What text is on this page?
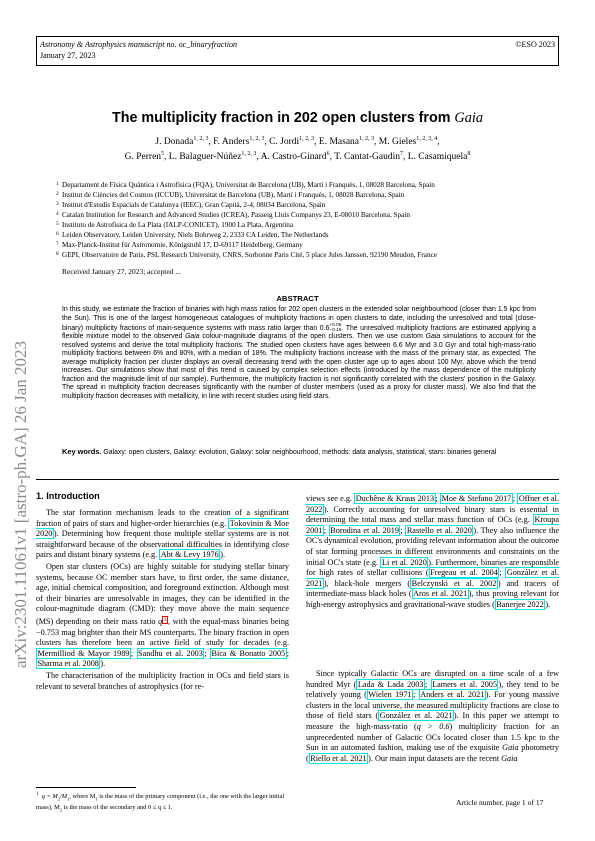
Astronomy & Astrophysics manuscript no. oc_binaryfraction
January 27, 2023
©ESO 2023
arXiv:2301.11061v1 [astro-ph.GA] 26 Jan 2023
The multiplicity fraction in 202 open clusters from Gaia
J. Donada$^{1, 2, 3}$, F. Anders$^{1, 2, 3}$, C. Jordi$^{1, 2, 3}$, E. Masana$^{1, 2, 3}$, M. Gieles$^{1, 2, 3, 4}$,
G. Perren$^5$, L. Balaguer-Núñez$^{1, 2, 3}$, A. Castro-Ginard$^6$, T. Cantat-Gaudin$^7$, L. Casamiquela$^8$
1 Departament de Física Quàntica i Astrofísica (FQA), Universitat de Barcelona (UB), Martí i Franquès, 1, 08028 Barcelona, Spain
2 Institut de Ciències del Cosmos (ICCUB), Universitat de Barcelona (UB), Martí i Franquès, 1, 08028 Barcelona, Spain
3 Institut d'Estudis Espacials de Catalunya (IEEC), Gran Capità, 2-4, 08034 Barcelona, Spain
4 Catalan Institution for Research and Advanced Studies (ICREA), Passeig Lluís Companys 23, E-08010 Barcelona, Spain
5 Instituto de Astrofísica de La Plata (IALP-CONICET), 1900 La Plata, Argentina
6 Leiden Observatory, Leiden University, Niels Bohrweg 2, 2333 CA Leiden, The Netherlands
7 Max-Planck-Institut für Astronomie, Königstuhl 17, D-69117 Heidelberg, Germany
8 GEPI, Observatoire de Paris, PSL Research University, CNRS, Sorbonne Paris Cité, 5 place Jules Janssen, 92190 Meudon, France
Received January 27, 2023; accepted ...
ABSTRACT
In this study, we estimate the fraction of binaries with high mass ratios for 202 open clusters in the extended solar neighbourhood (closer than 1.5 kpc from the Sun). This is one of the largest homogeneous catalogues of multiplicity fractions in open clusters to date, including the unresolved and total (close-binary) multiplicity fractions of main-sequence systems with mass ratio larger than 0.6 +0.05
−0.15 . The unresolved multiplicity fractions are estimated applying a flexible mixture model to the observed Gaia colour-magnitude diagrams of the open clusters. Then we use custom Gaia simulations to account for the resolved systems and derive the total multiplicity fractions. The studied open clusters have ages between 6.6 Myr and 3.0 Gyr and total high-mass-ratio multiplicity fractions between 6% and 80%, with a median of 18%. The multiplicity fractions increase with the mass of the primary star, as expected. The average multiplicity fraction per cluster displays an overall decreasing trend with the open cluster age up to ages about 100 Myr, above which the trend increases. Our simulations show that most of this trend is caused by complex selection effects (introduced by the mass dependence of the multiplicity fraction and the magnitude limit of our sample). Furthermore, the multiplicity fraction is not significantly correlated with the clusters' position in the Galaxy. The spread in multiplicity fraction decreases significantly with the number of cluster members (used as a proxy for cluster mass). We also find that the multiplicity fraction decreases with metallicity, in line with recent studies using field stars.
Key words. Galaxy: open clusters, Galaxy: evolution, Galaxy: solar neighbourhood, methods: data analysis, statistical, stars: binaries general
1. Introduction

The star formation mechanism leads to the creation of a significant fraction of pairs of stars and higher-order hierarchies (e.g. Tokovinin & Moe 2020 ). Determining how frequent those multiple stellar systems are is not straightforward because of the observational difficulties in identifying close pairs and distant binary systems (e.g. Abt & Levy 1976 ).

Open star clusters (OCs) are highly suitable for studying stellar binary systems, because OC member stars have, to first order, the same distance, age, initial chemical composition, and foreground extinction. Although most of their binaries are unresolvable in images, they can be identified in the colour-magnitude diagram (CMD): they move above the main sequence (MS) depending on their mass ratio q $^1$ , with the equal-mass binaries being −0.753 mag brighter than their MS counterparts. The binary fraction in open clusters has therefore been an active field of study for decades (e.g. Mermilliod & Mayor 1989 ; Sandhu et al. 2003 ; Bica & Bonatto 2005 ; Sharma et al. 2008 ).

The characterisation of the multiplicity fraction in OCs and field stars is relevant to several branches of astrophysics (for re-

views see e.g. Duchêne & Kraus 2013 ; Moe & Stefano 2017 ; Offner et al. 2022 ). Correctly accounting for unresolved binary stars is essential in determining the total mass and stellar mass function of OCs (e.g. Kroupa 2001 ; Borodina et al. 2019 ; Rastello et al. 2020 ). They also influence the OC's dynamical evolution, providing relevant information about the outcome of star forming processes in different environments and constraints on the initial OC's state (e.g. Li et al. 2020 ). Furthermore, binaries are responsible for high rates of stellar collisions ( Fregeau et al. 2004 ; González et al. 2021 ), black-hole mergers ( Belczynski et al. 2002 ) and tracers of intermediate-mass black holes ( Aros et al. 2021 ), thus proving relevant for high-energy astrophysics and gravitational-wave studies ( Banerjee 2022 ).

Since typically Galactic OCs are disrupted on a time scale of a few hundred Myr ( Lada & Lada 2003 ; Lamers et al. 2005 ), they tend to be relatively young ( Wielen 1971 ; Anders et al. 2021 ). For young massive clusters in the local universe, the measured multiplicity fractions are close to those of field stars ( González et al. 2021 ). In this paper we attempt to measure the high-mass-ratio (q > 0.6) multiplicity fraction for an unprecedented number of Galactic OCs located closer than 1.5 kpc to the Sun in an automated fashion, making use of the exquisite Gaia photometry ( Riello et al. 2021 ). Our main input datasets are the recent Gaia

$^1$ $q = M_2/M_1$, where $M_1$ is the mass of the primary component (i.e., the one with the larger initial mass), $M_2$ is the mass of the secondary and 0 ≤ q ≤ 1.
Article number, page 1 of 17
